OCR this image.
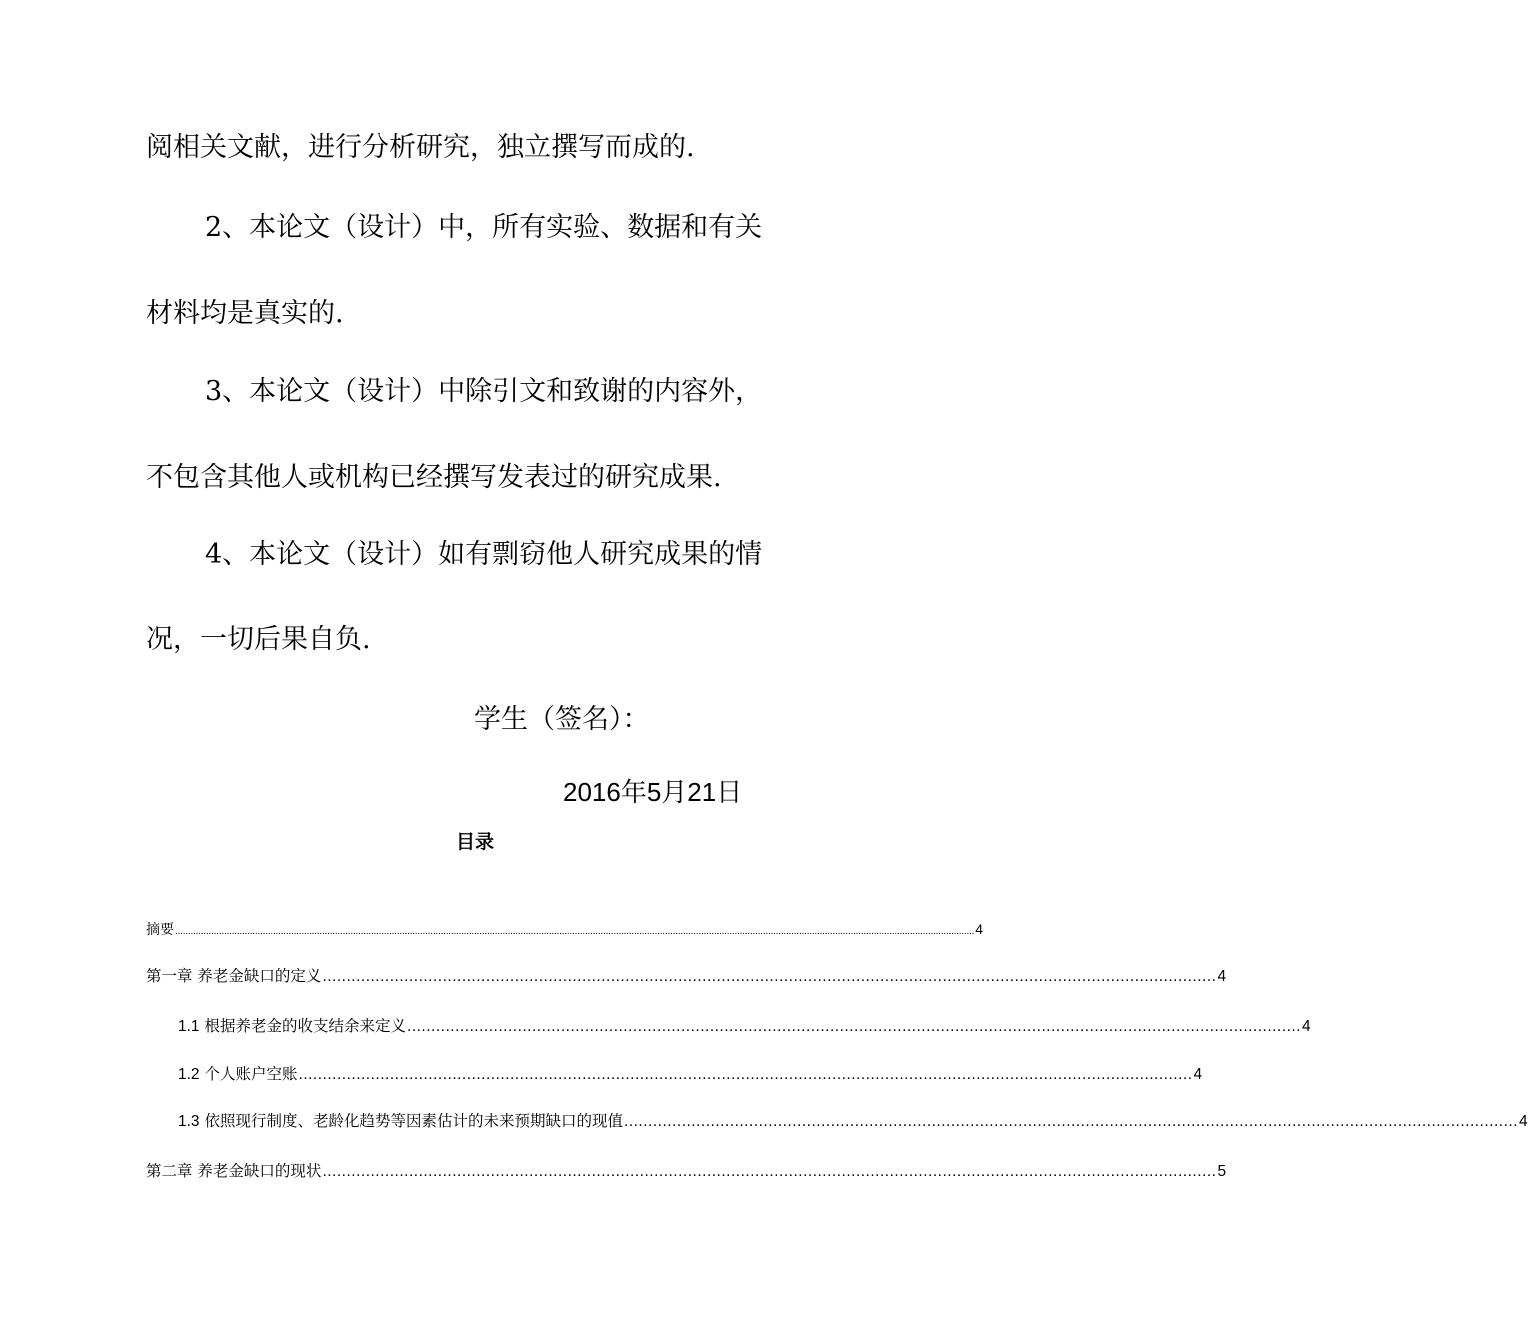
阅相关文献，进行分析研究，独立撰写而成的.
2、本论文（设计）中，所有实验、数据和有关
材料均是真实的.
3、本论文（设计）中除引文和致谢的内容外，
不包含其他人或机构已经撰写发表过的研究成果.
4、本论文（设计）如有剽窃他人研究成果的情
况，一切后果自负.
学生（签名）：
2016年5月21日
目录
摘要 ...................................................................................................................................................................................................................................................................................................................... 4
第一章 养老金缺口的定义 .......................................................................................................................................................................................... 4
1.1 根据养老金的收支结余来定义 .......................................................................................................................................................................................... 4
1.2 个人账户空账 .......................................................................................................................................................................................... 4
1.3 依照现行制度、老龄化趋势等因素估计的未来预期缺口的现值 .......................................................................................................................................................................................... 4
第二章 养老金缺口的现状 .......................................................................................................................................................................................... 5
